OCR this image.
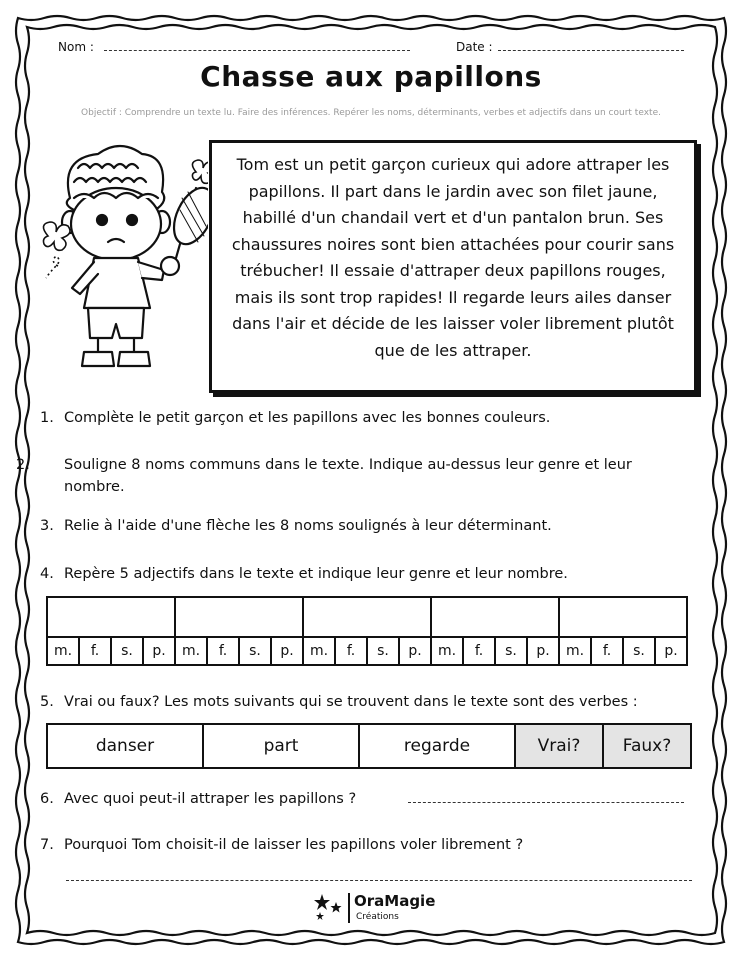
Nom :	Date :
Chasse aux papillons
Objectif : Comprendre un texte lu. Faire des inférences. Repérer les noms, déterminants, verbes et adjectifs dans un court texte.
Tom est un petit garçon curieux qui adore attraper les papillons. Il part dans le jardin avec son filet jaune, habillé d'un chandail vert et d'un pantalon brun. Ses chaussures noires sont bien attachées pour courir sans trébucher! Il essaie d'attraper deux papillons rouges, mais ils sont trop rapides! Il regarde leurs ailes danser dans l'air et décide de les laisser voler librement plutôt que de les attraper.
1. Complète le petit garçon et les papillons avec les bonnes couleurs.
2. Souligne 8 noms communs dans le texte. Indique au-dessus leur genre et leur nombre.
3. Relie à l'aide d'une flèche les 8 noms soulignés à leur déterminant.
4. Repère 5 adjectifs dans le texte et indique leur genre et leur nombre.

m.	f.	s.	p.	m.	f.	s.	p.	m.	f.	s.	p.	m.	f.	s.	p.	m.	f.	s.	p.
5. Vrai ou faux? Les mots suivants qui se trouvent dans le texte sont des verbes :
danser	part	regarde	Vrai?	Faux?
6. Avec quoi peut-il attraper les papillons ?
7. Pourquoi Tom choisit-il de laisser les papillons voler librement ?
OraMagie
Créations
